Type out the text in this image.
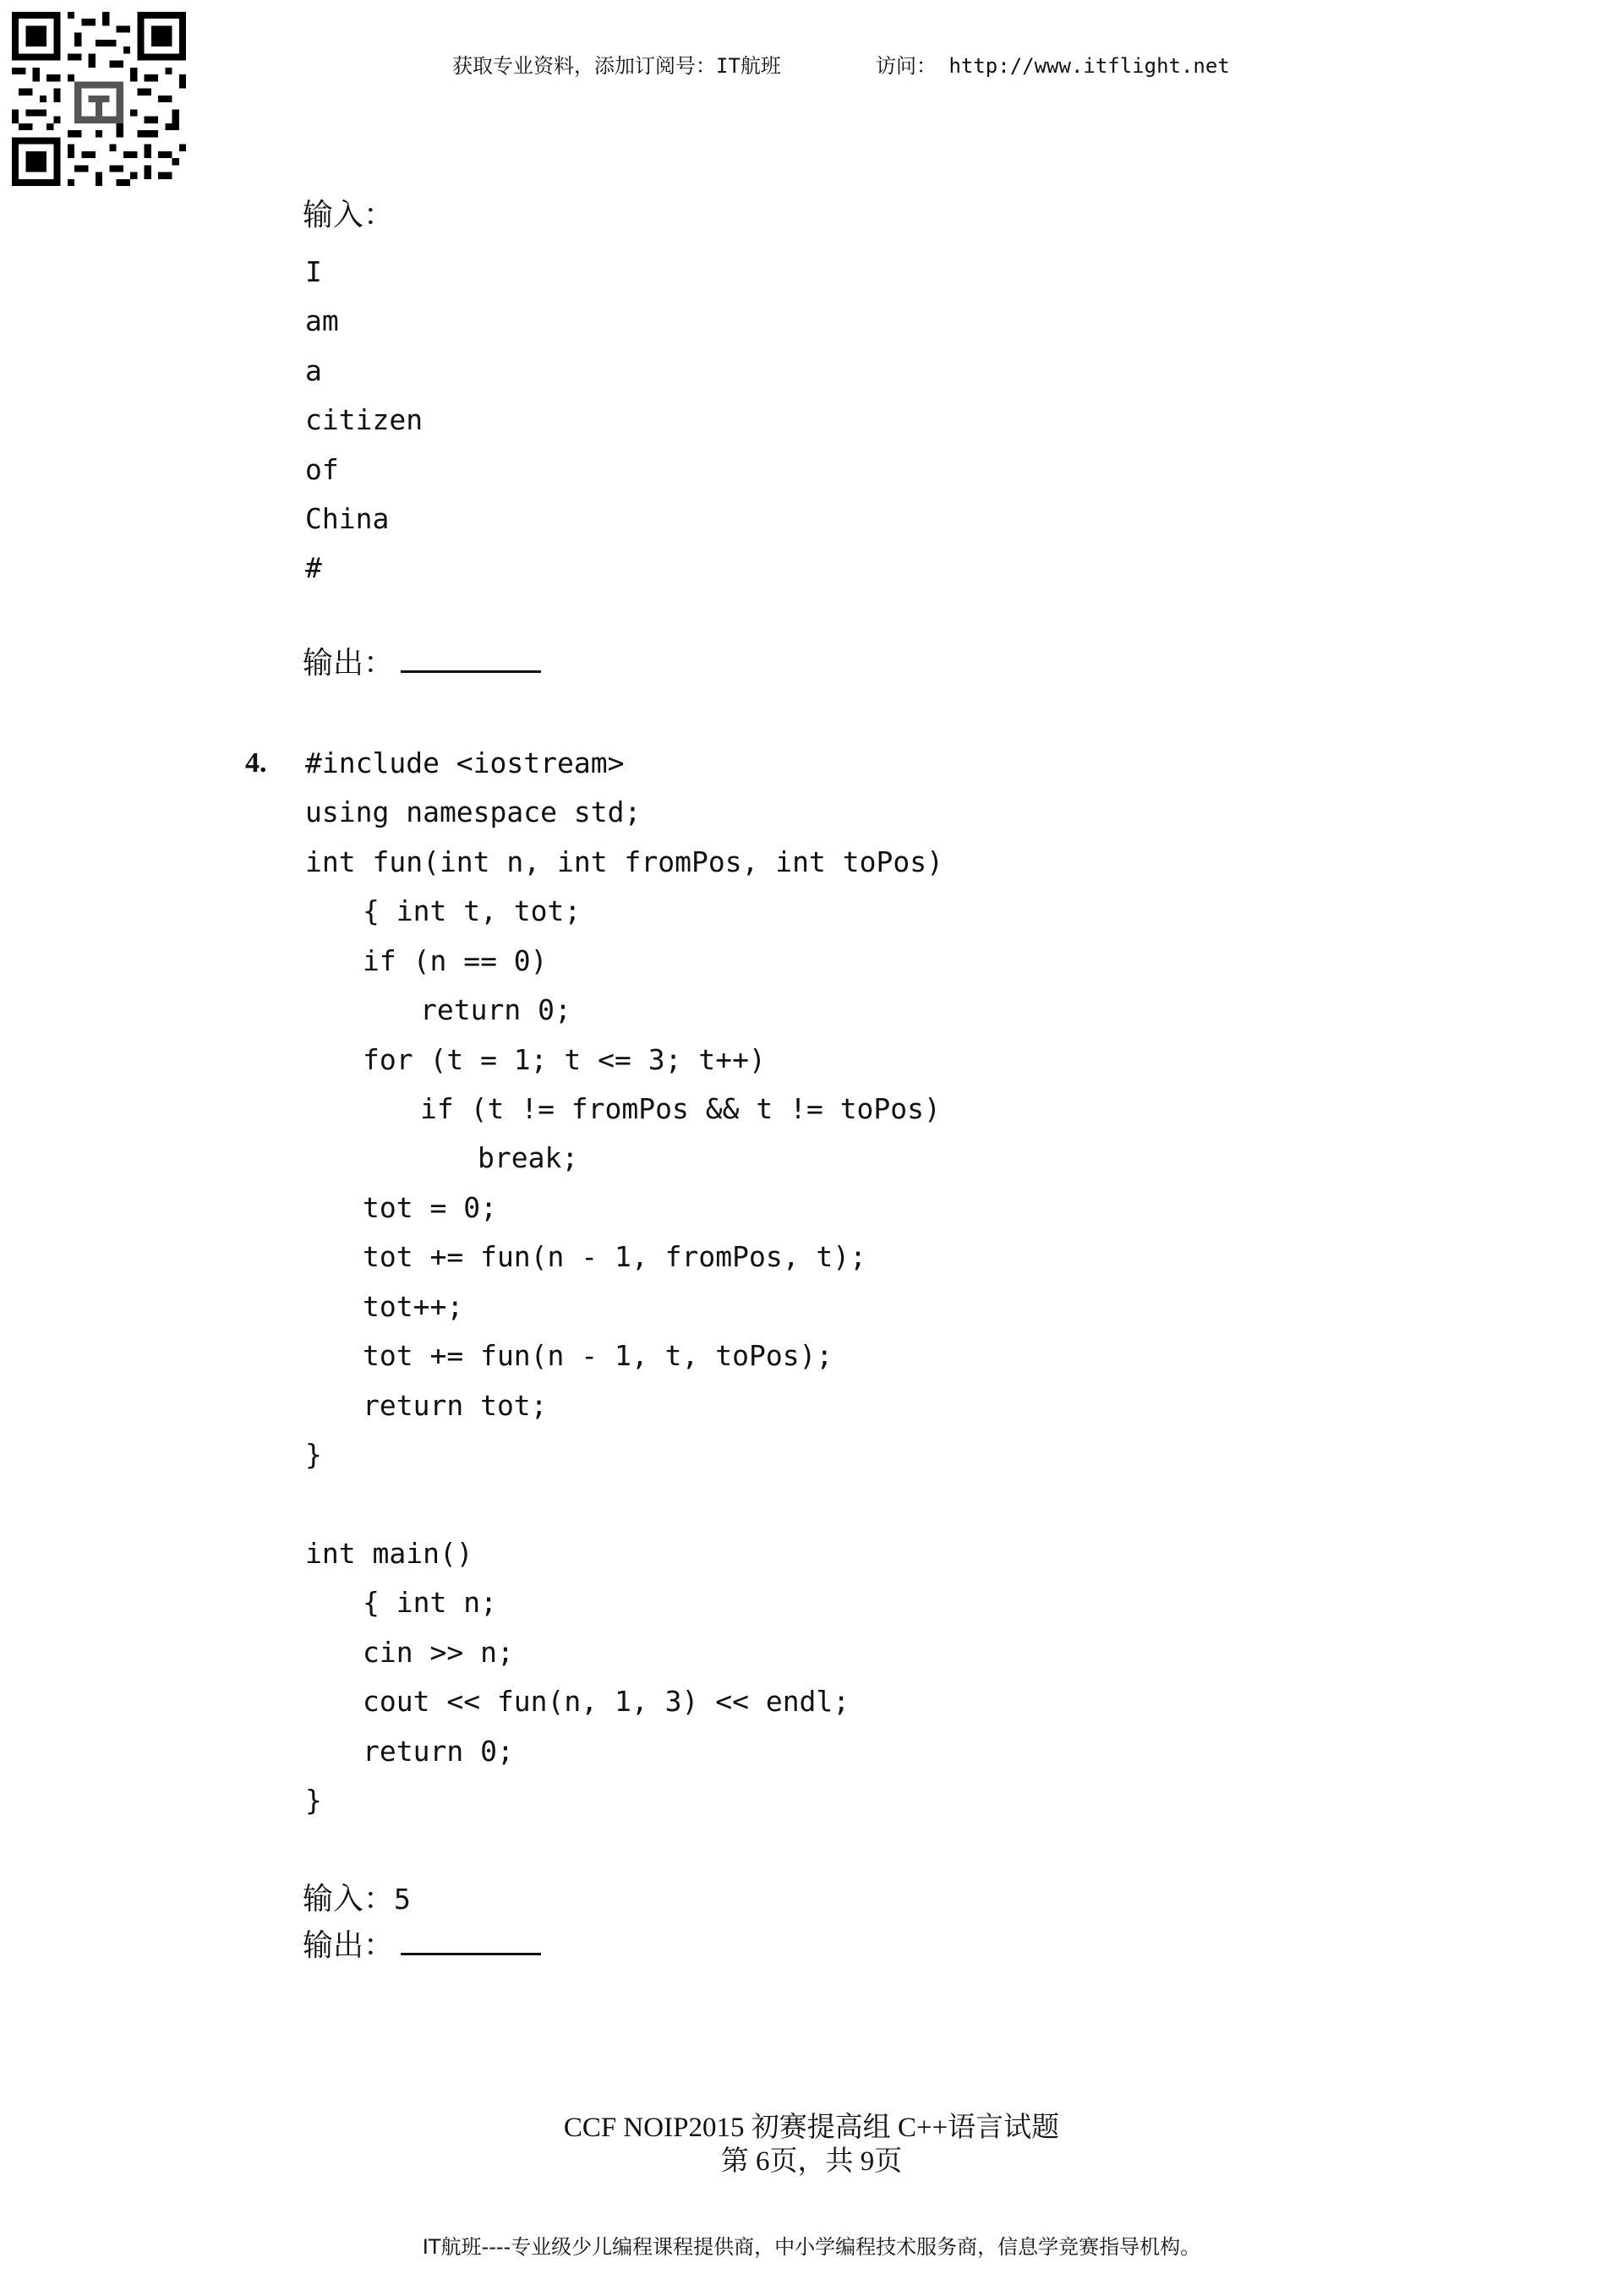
获取专业资料，添加订阅号：IT航班	访问： http://www.itflight.net
输入：
I
am
a
citizen
of
China
#
输出：
4. #include <iostream>
using namespace std;
int fun(int n, int fromPos, int toPos)
{ int t, tot;
if (n == 0)
return 0;
for (t = 1; t <= 3; t++)
if (t != fromPos && t != toPos)
break;
tot = 0;
tot += fun(n - 1, fromPos, t);
tot++;
tot += fun(n - 1, t, toPos);
return tot;
}
int main()
{ int n;
cin >> n;
cout << fun(n, 1, 3) << endl;
return 0;
}
输入：5
输出：
CCF NOIP2015 初赛提高组 C++语言试题
第 6页，共 9页
IT航班----专业级少儿编程课程提供商，中小学编程技术服务商，信息学竞赛指导机构。
